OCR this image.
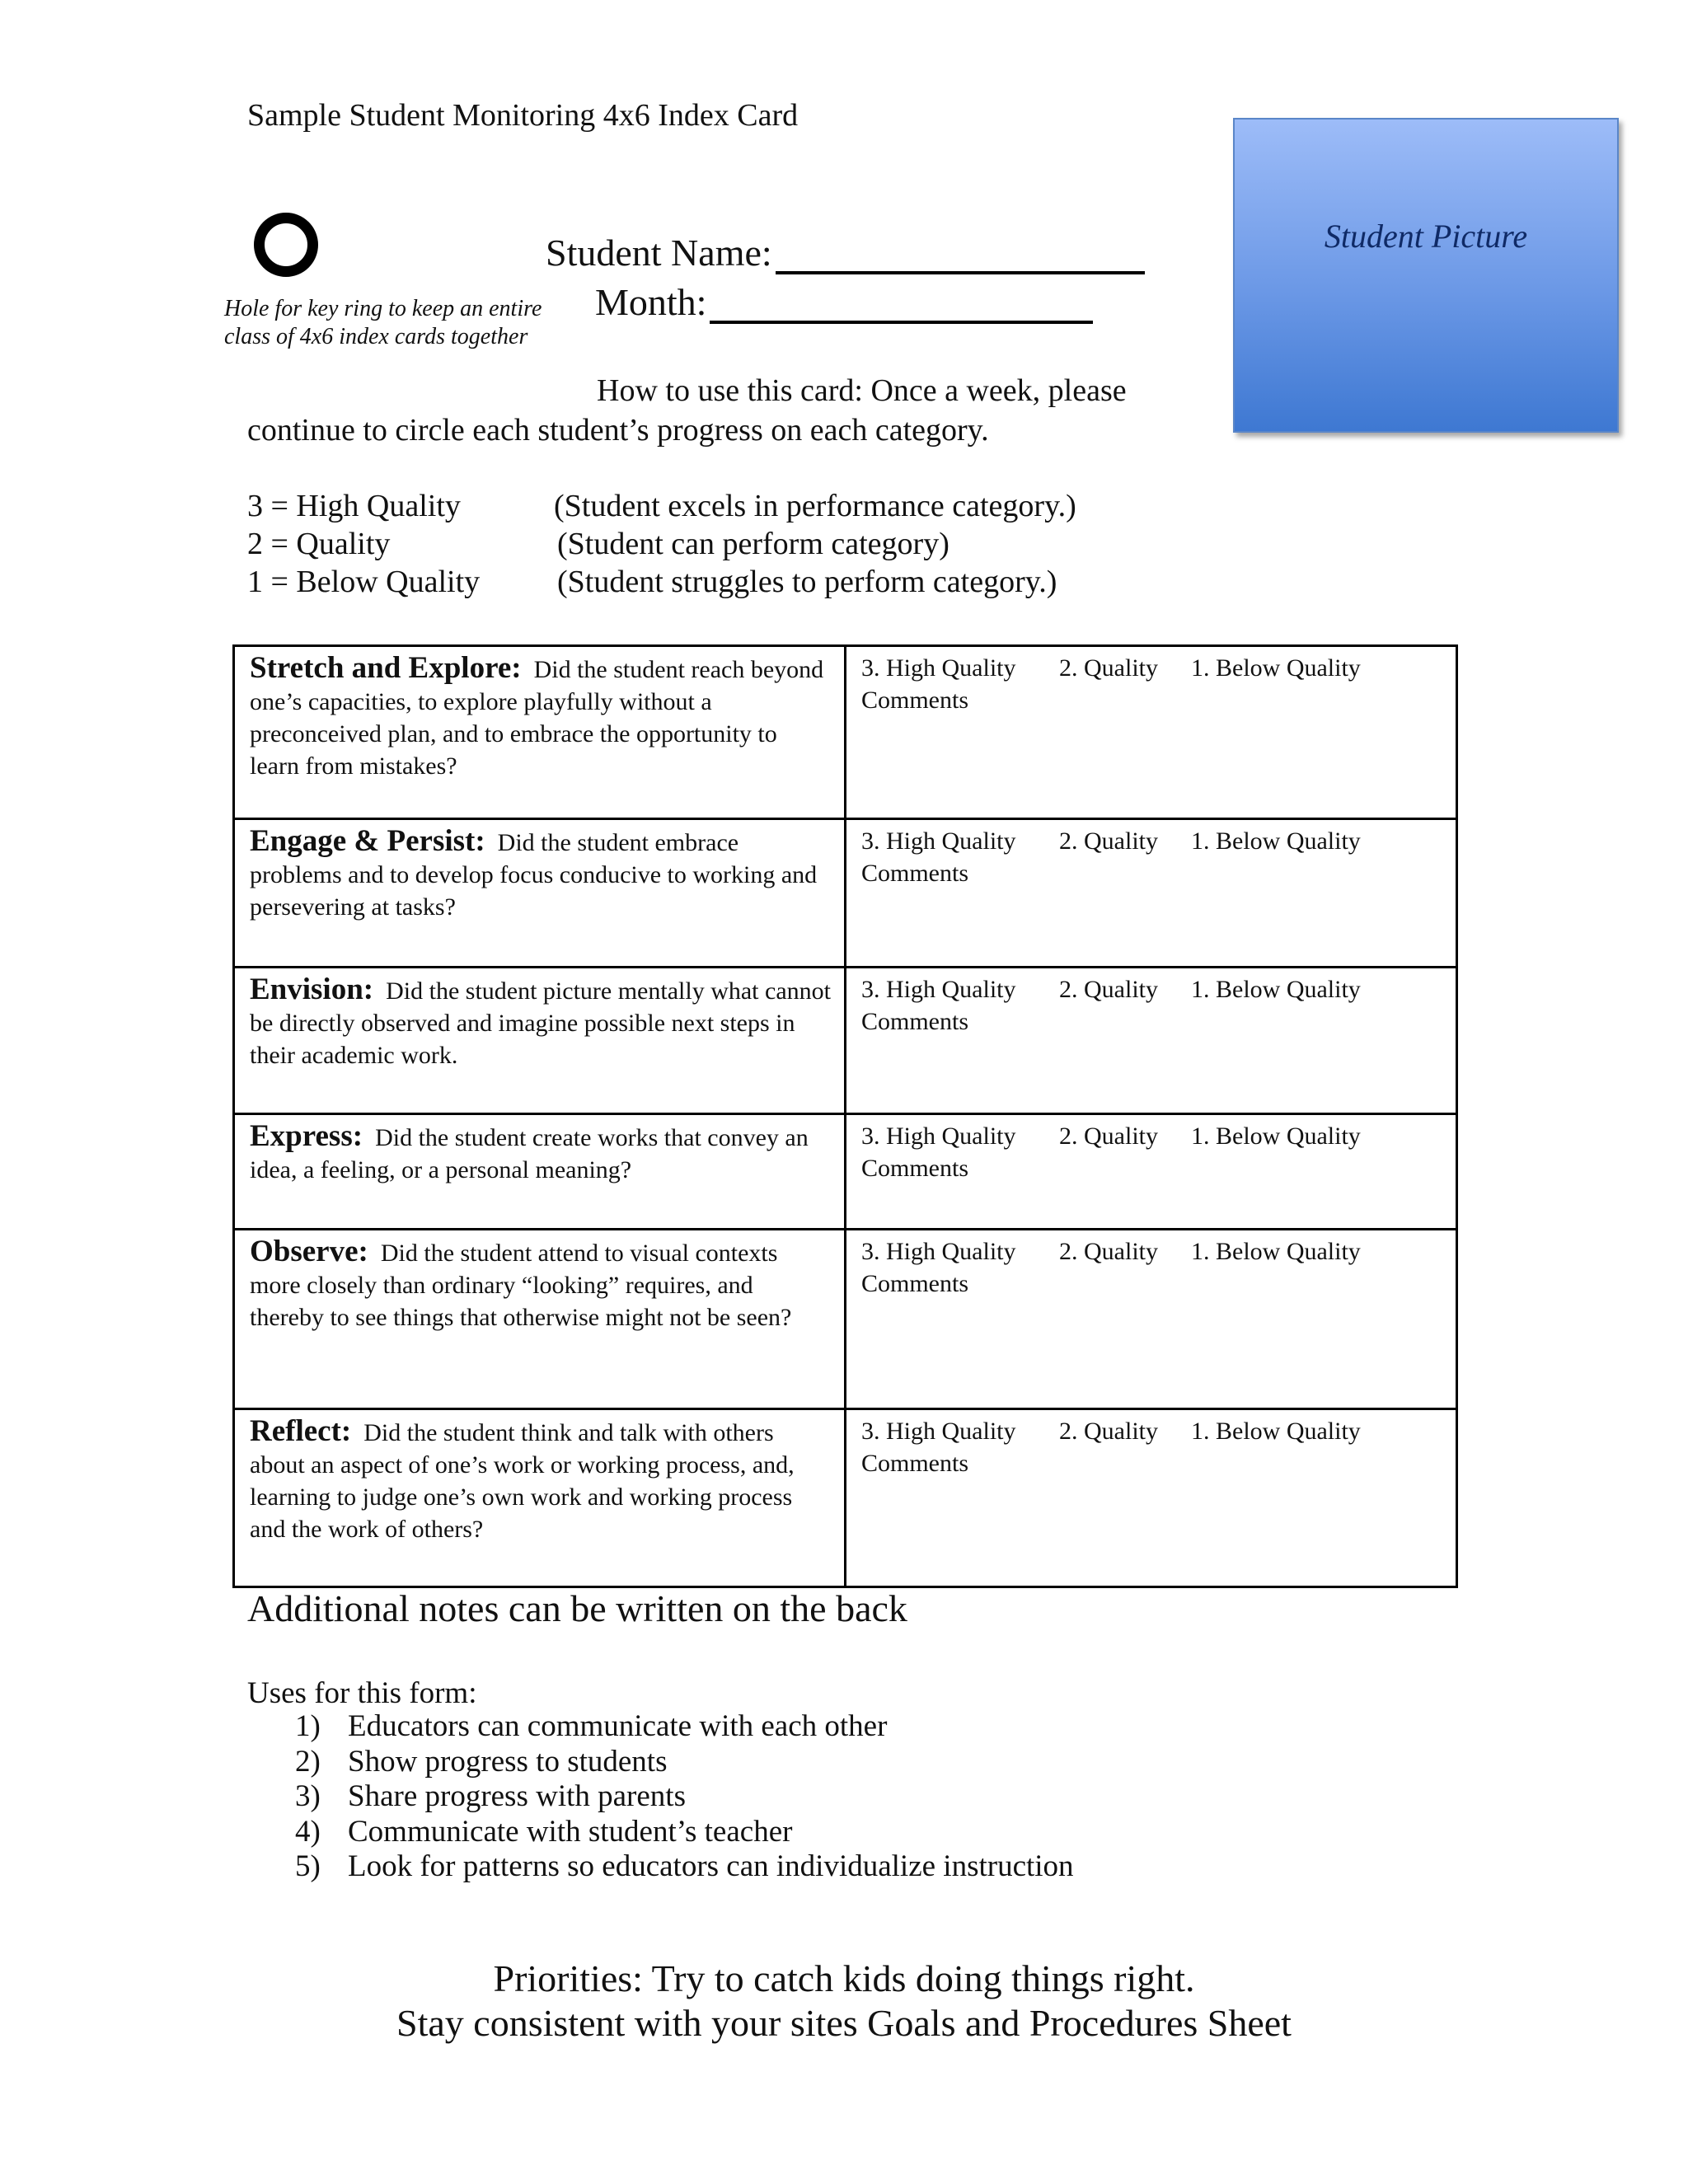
Sample Student Monitoring 4x6 Index Card
Hole for key ring to keep an entire
class of 4x6 index cards together
Student Name:
Month:
Student Picture
How to use this card: Once a week, please
continue to circle each student’s progress on each category.
3 = High Quality	(Student excels in performance category.)
2 = Quality	(Student can perform category)
1 = Below Quality (Student struggles to perform category.)
Stretch and Explore: Did the student reach beyond one’s capacities, to explore playfully without a preconceived plan, and to embrace the opportunity to learn from mistakes?	3. High Quality 2. Quality 1. Below Quality
Comments

Engage & Persist: Did the student embrace problems and to develop focus conducive to working and persevering at tasks?	3. High Quality 2. Quality 1. Below Quality
Comments

Envision: Did the student picture mentally what cannot be directly observed and imagine possible next steps in their academic work.	3. High Quality 2. Quality 1. Below Quality
Comments

Express: Did the student create works that convey an idea, a feeling, or a personal meaning?	3. High Quality 2. Quality 1. Below Quality
Comments

Observe: Did the student attend to visual contexts more closely than ordinary “looking” requires, and thereby to see things that otherwise might not be seen?	3. High Quality 2. Quality 1. Below Quality
Comments

Reflect: Did the student think and talk with others about an aspect of one’s work or working process, and, learning to judge one’s own work and working process and the work of others?	3. High Quality 2. Quality 1. Below Quality
Comments
Additional notes can be written on the back
Uses for this form:
1) Educators can communicate with each other
2) Show progress to students
3) Share progress with parents
4) Communicate with student’s teacher
5) Look for patterns so educators can individualize instruction
Priorities: Try to catch kids doing things right.
Stay consistent with your sites Goals and Procedures Sheet
